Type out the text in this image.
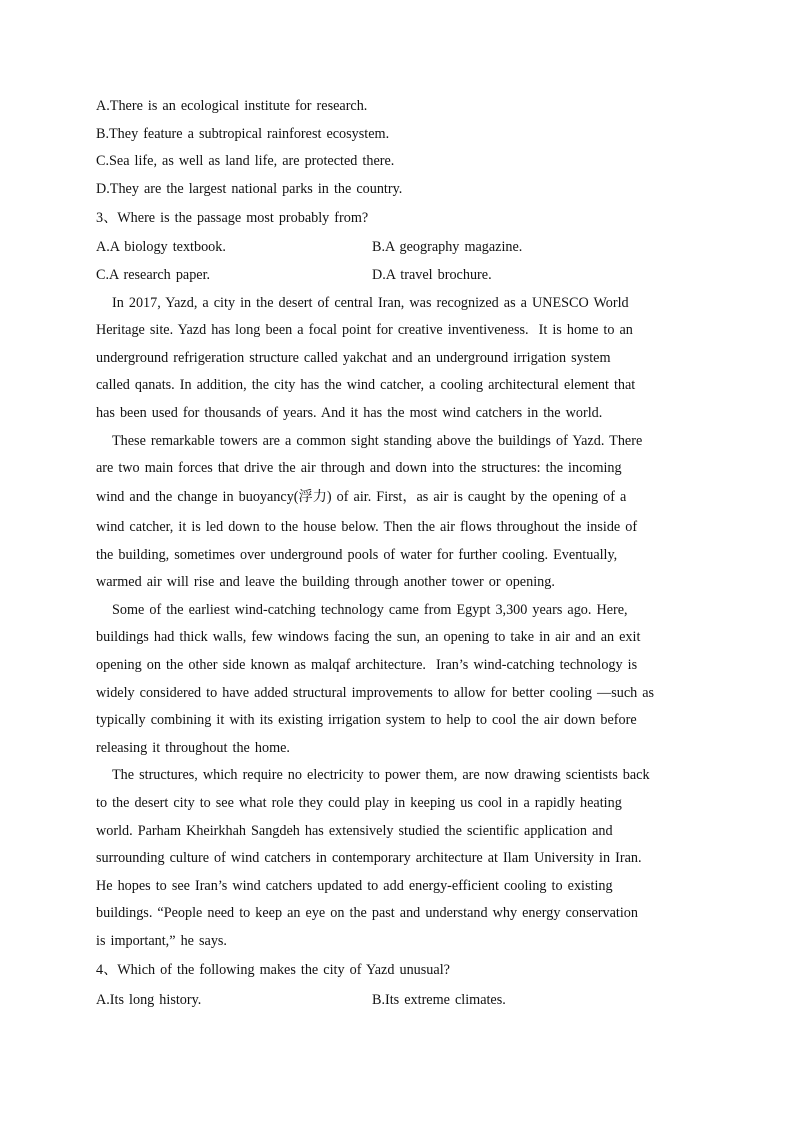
A.There is an ecological institute for research.
B.They feature a subtropical rainforest ecosystem.
C.Sea life, as well as land life, are protected there.
D.They are the largest national parks in the country.
3、Where is the passage most probably from?
A.A biology textbook.	B.A geography magazine.
C.A research paper.	D.A travel brochure.
In 2017, Yazd, a city in the desert of central Iran, was recognized as a UNESCO World
Heritage site. Yazd has long been a focal point for creative inventiveness.  It is home to an
underground refrigeration structure called yakchat and an underground irrigation system
called qanats. In addition, the city has the wind catcher, a cooling architectural element that
has been used for thousands of years. And it has the most wind catchers in the world.
These remarkable towers are a common sight standing above the buildings of Yazd. There
are two main forces that drive the air through and down into the structures: the incoming
wind and the change in buoyancy(浮力) of air. First，as air is caught by the opening of a
wind catcher, it is led down to the house below. Then the air flows throughout the inside of
the building, sometimes over underground pools of water for further cooling. Eventually,
warmed air will rise and leave the building through another tower or opening.
Some of the earliest wind-catching technology came from Egypt 3,300 years ago. Here,
buildings had thick walls, few windows facing the sun, an opening to take in air and an exit
opening on the other side known as malqaf architecture.  Iran’s wind-catching technology is
widely considered to have added structural improvements to allow for better cooling —such as
typically combining it with its existing irrigation system to help to cool the air down before
releasing it throughout the home.
The structures, which require no electricity to power them, are now drawing scientists back
to the desert city to see what role they could play in keeping us cool in a rapidly heating
world. Parham Kheirkhah Sangdeh has extensively studied the scientific application and
surrounding culture of wind catchers in contemporary architecture at Ilam University in Iran.
He hopes to see Iran’s wind catchers updated to add energy-efficient cooling to existing
buildings. “People need to keep an eye on the past and understand why energy conservation
is important,” he says.
4、Which of the following makes the city of Yazd unusual?
A.Its long history.	B.Its extreme climates.
